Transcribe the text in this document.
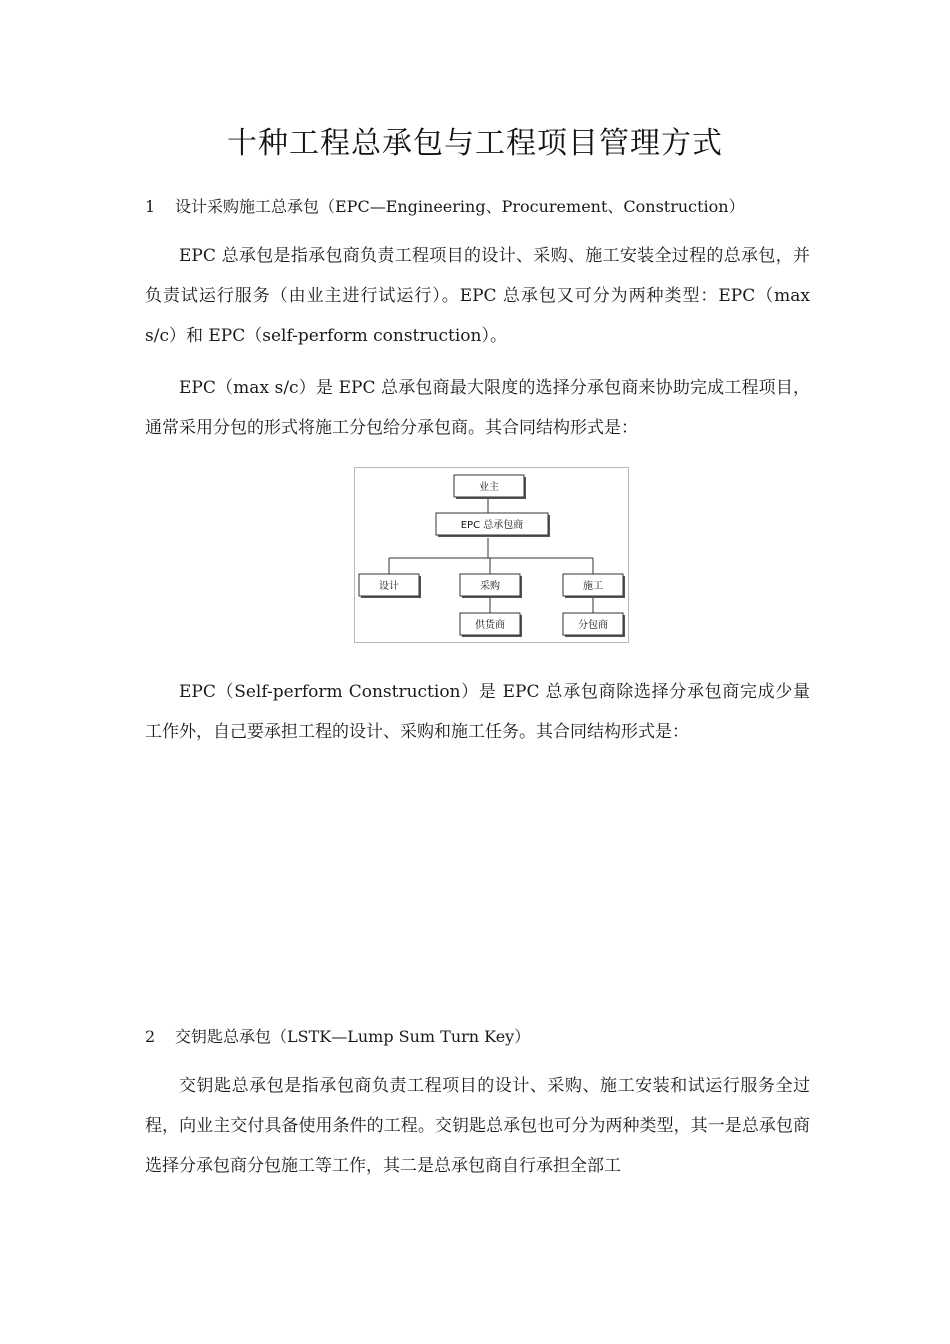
十种工程总承包与工程项目管理方式
1 设计采购施工总承包（EPC—Engineering、Procurement、Construction）

EPC 总承包是指承包商负责工程项目的设计、采购、施工安装全过程的总承包，并负责试运行服务（由业主进行试运行）。EPC 总承包又可分为两种类型：EPC（max s/c）和 EPC（self-perform construction）。

EPC（max s/c）是 EPC 总承包商最大限度的选择分承包商来协助完成工程项目，通常采用分包的形式将施工分包给分承包商。其合同结构形式是：

业主
EPC 总承包商
设计	采购	施工
供货商	分包商

EPC（Self-perform Construction）是 EPC 总承包商除选择分承包商完成少量工作外，自己要承担工程的设计、采购和施工任务。其合同结构形式是：

2 交钥匙总承包（LSTK—Lump Sum Turn Key）

交钥匙总承包是指承包商负责工程项目的设计、采购、施工安装和试运行服务全过程，向业主交付具备使用条件的工程。交钥匙总承包也可分为两种类型，其一是总承包商选择分承包商分包施工等工作，其二是总承包商自行承担全部工
